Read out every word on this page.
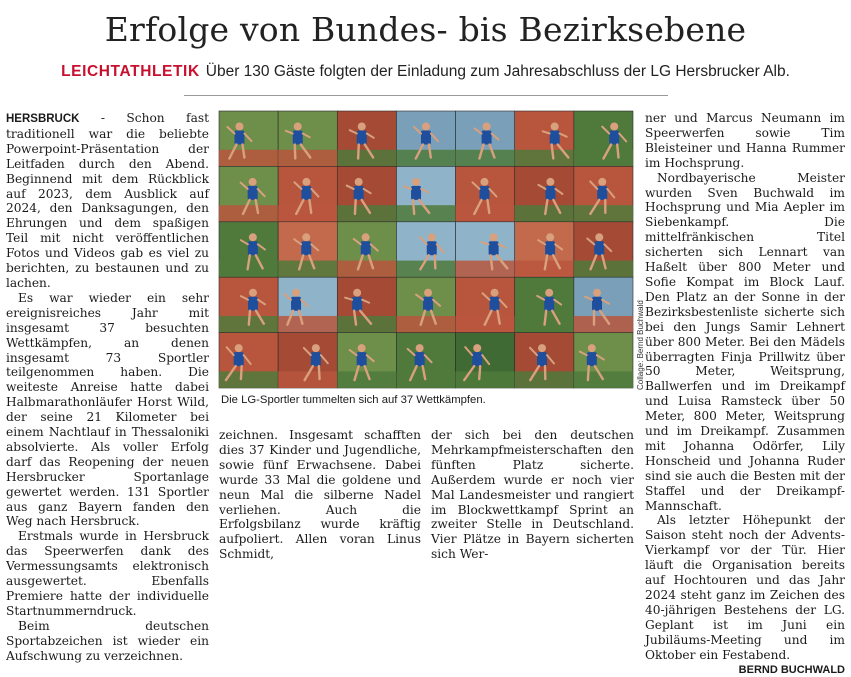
Erfolge von Bundes- bis Bezirksebene
LEICHTATHLETIK Über 130 Gäste folgten der Einladung zum Jahresabschluss der LG Hersbrucker Alb.

HERSBRUCK - Schon fast traditionell war die beliebte Powerpoint-Präsentation der Leitfaden durch den Abend. Beginnend mit dem Rückblick auf 2023, dem Ausblick auf 2024, den Danksagungen, den Ehrungen und dem spaßigen Teil mit nicht veröffentlichen Fotos und Videos gab es viel zu berichten, zu bestaunen und zu lachen.

Es war wieder ein sehr ereignisreiches Jahr mit insgesamt 37 besuchten Wettkämpfen, an denen insgesamt 73 Sportler teilgenommen haben. Die weiteste Anreise hatte dabei Halbmarathonläufer Horst Wild, der seine 21 Kilometer bei einem Nachtlauf in Thessaloniki absolvierte. Als voller Erfolg darf das Reopening der neuen Hersbrucker Sportanlage gewertet werden. 131 Sportler aus ganz Bayern fanden den Weg nach Hersbruck.

Erstmals wurde in Hersbruck das Speerwerfen dank des Vermessungsamts elektronisch ausgewertet. Ebenfalls Premiere hatte der individuelle Startnummerndruck.

Beim deutschen Sportabzeichen ist wieder ein Aufschwung zu verzeichnen.

Collage: Bernd Buchwald
Die LG-Sportler tummelten sich auf 37 Wettkämpfen.

zeichnen. Insgesamt schafften dies 37 Kinder und Jugendliche, sowie fünf Erwachsene. Dabei wurde 33 Mal die goldene und neun Mal die silberne Nadel verliehen. Auch die Erfolgsbilanz wurde kräftig aufpoliert. Allen voran Linus Schmidt,

der sich bei den deutschen Mehrkampfmeisterschaften den fünften Platz sicherte. Außerdem wurde er noch vier Mal Landesmeister und rangiert im Blockwettkampf Sprint an zweiter Stelle in Deutschland. Vier Plätze in Bayern sicherten sich Wer-

ner und Marcus Neumann im Speerwerfen sowie Tim Bleisteiner und Hanna Rummer im Hochsprung.

Nordbayerische Meister wurden Sven Buchwald im Hochsprung und Mia Aepler im Siebenkampf. Die mittelfränkischen Titel sicherten sich Lennart van Haßelt über 800 Meter und Sofie Kompat im Block Lauf. Den Platz an der Sonne in der Bezirksbestenliste sicherte sich bei den Jungs Samir Lehnert über 800 Meter. Bei den Mädels überragten Finja Prillwitz über 50 Meter, Weitsprung, Ballwerfen und im Dreikampf und Luisa Ramsteck über 50 Meter, 800 Meter, Weitsprung und im Dreikampf. Zusammen mit Johanna Odörfer, Lily Honscheid und Johanna Ruder sind sie auch die Besten mit der Staffel und der Dreikampf-Mannschaft.

Als letzter Höhepunkt der Saison steht noch der Advents-Vierkampf vor der Tür. Hier läuft die Organisation bereits auf Hochtouren und das Jahr 2024 steht ganz im Zeichen des 40-jährigen Bestehens der LG. Geplant ist im Juni ein Jubiläums-Meeting und im Oktober ein Festabend.
BERND BUCHWALD
